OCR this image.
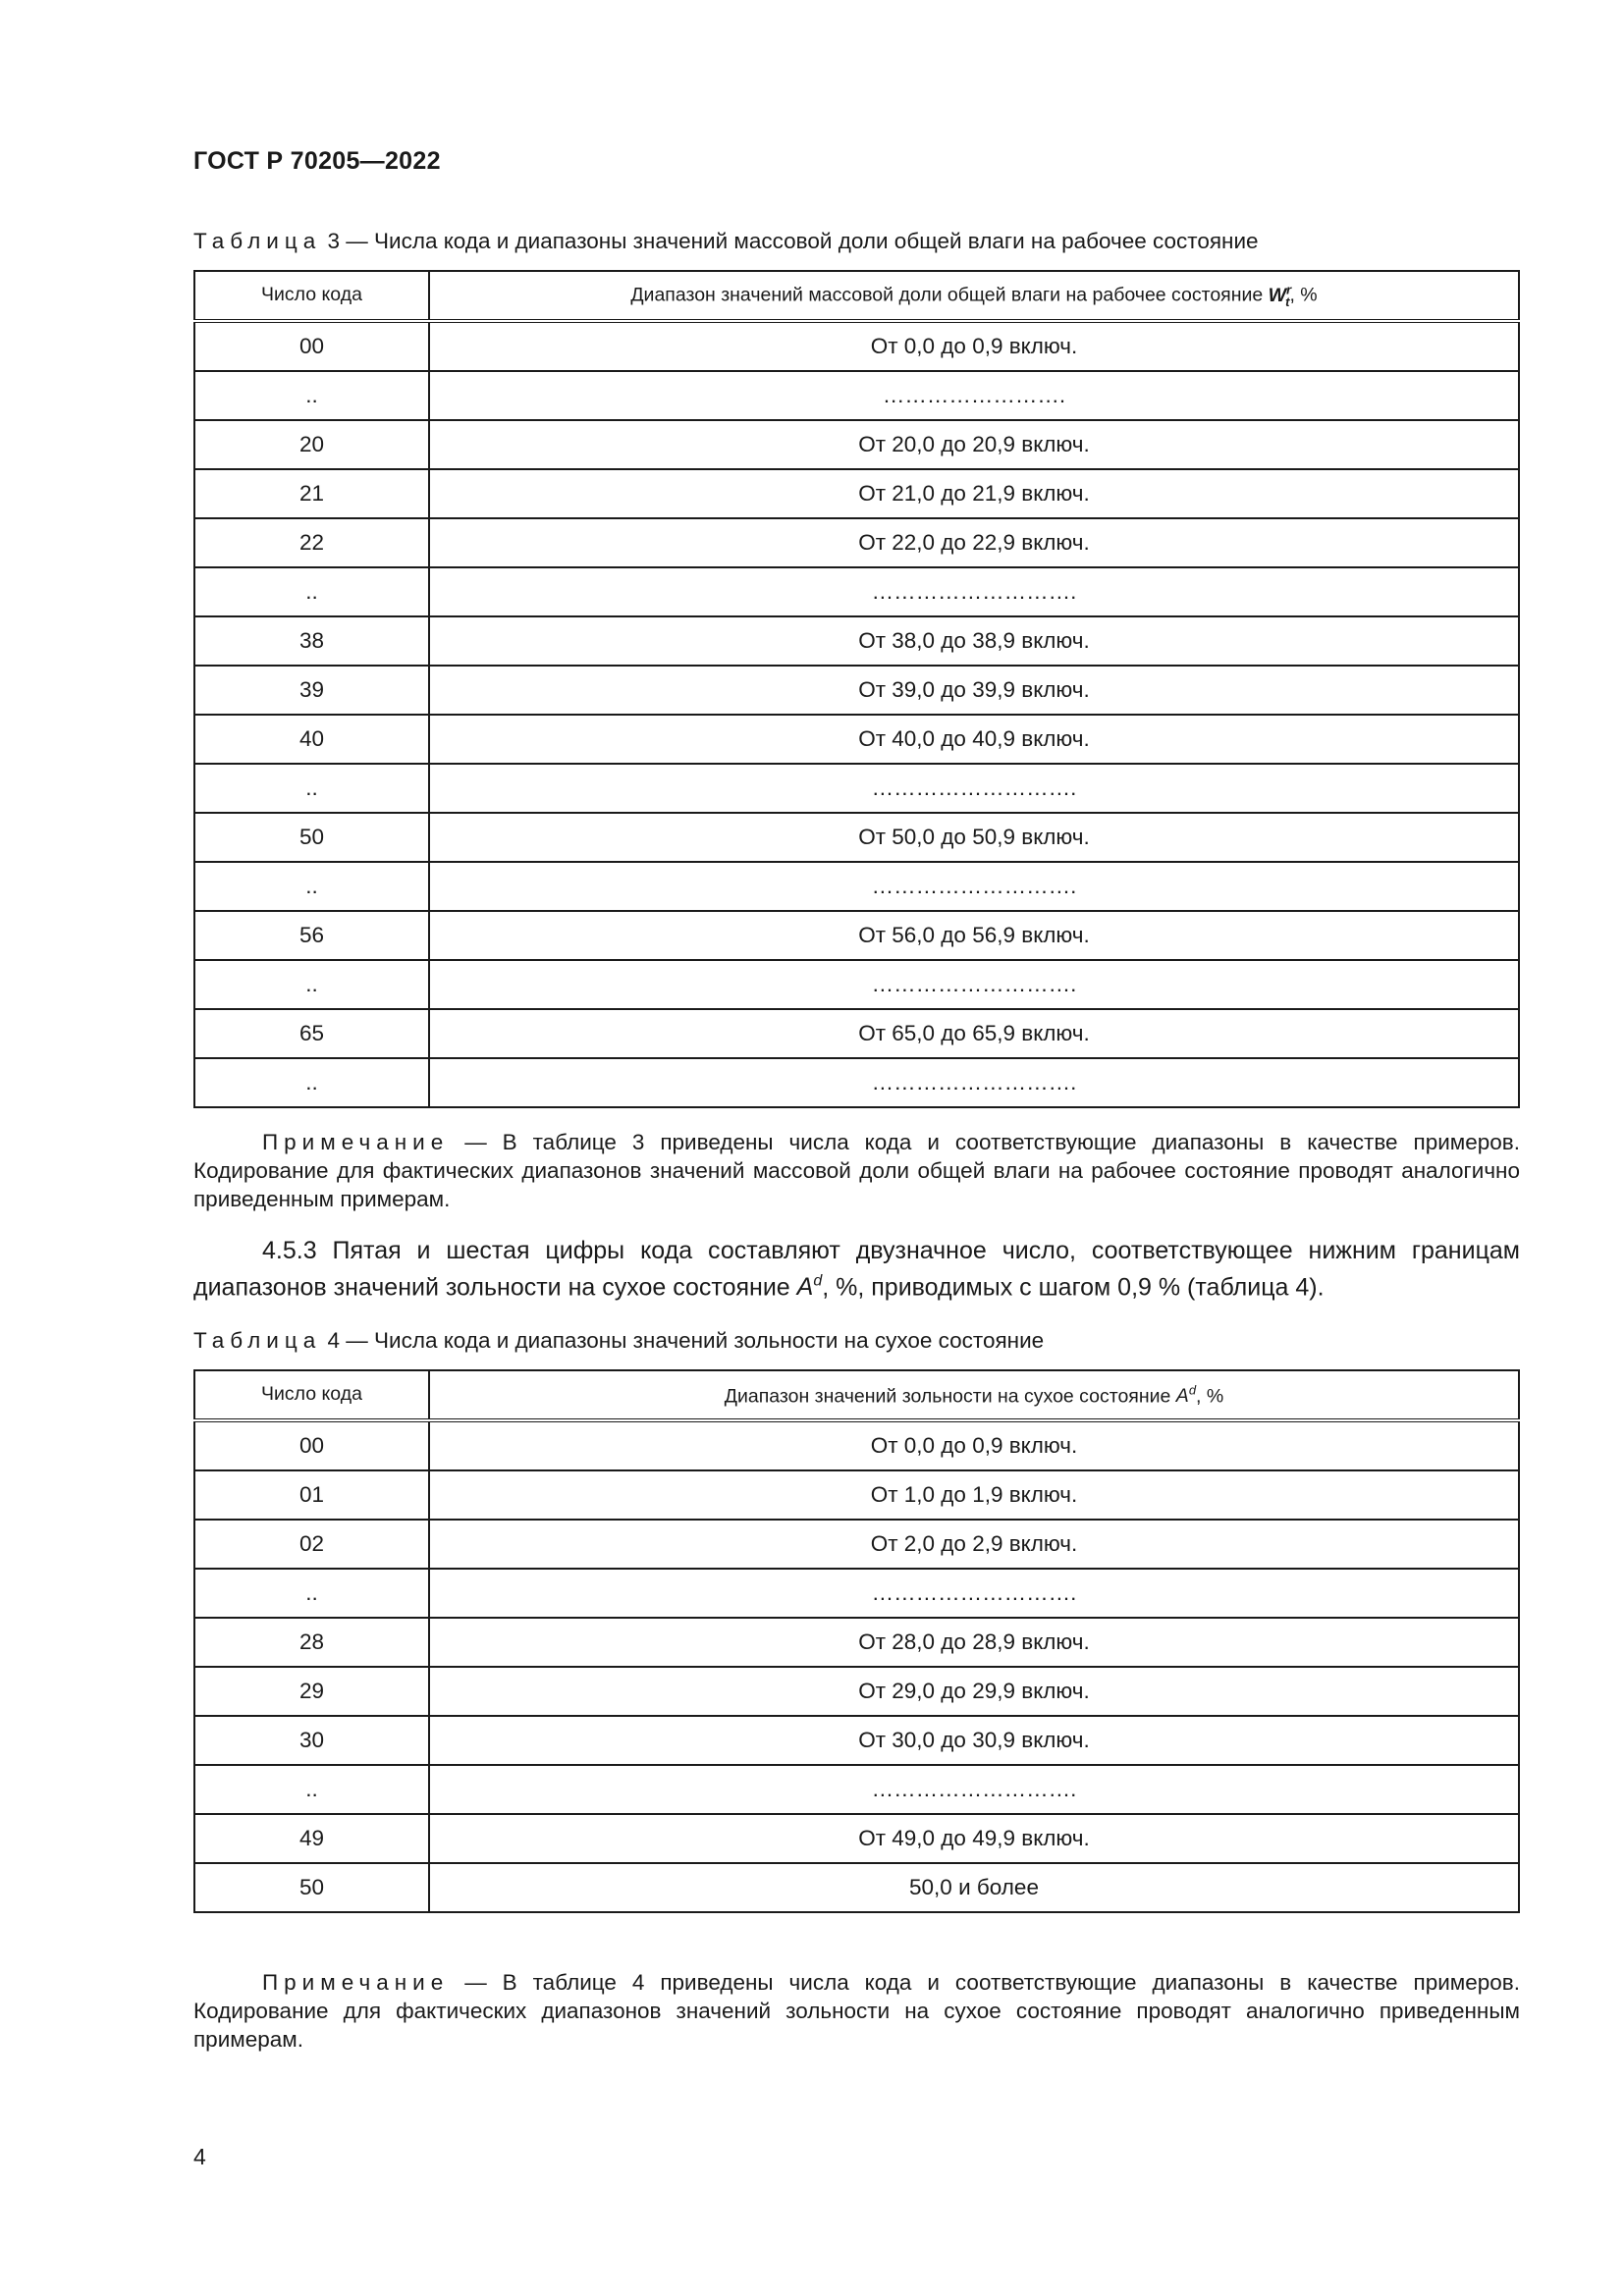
ГОСТ Р 70205—2022
Таблица 3 — Числа кода и диапазоны значений массовой доли общей влаги на рабочее состояние
Число кода	Диапазон значений массовой доли общей влаги на рабочее состояние $W^r_t$, %
00	От 0,0 до 0,9 включ.
..	…………………….
20	От 20,0 до 20,9 включ.
21	От 21,0 до 21,9 включ.
22	От 22,0 до 22,9 включ.
..	……………………….
38	От 38,0 до 38,9 включ.
39	От 39,0 до 39,9 включ.
40	От 40,0 до 40,9 включ.
..	……………………….
50	От 50,0 до 50,9 включ.
..	……………………….
56	От 56,0 до 56,9 включ.
..	……………………….
65	От 65,0 до 65,9 включ.
..	……………………….
Примечание — В таблице 3 приведены числа кода и соответствующие диапазоны в качестве примеров. Кодирование для фактических диапазонов значений массовой доли общей влаги на рабочее состояние проводят аналогично приведенным примерам.
4.5.3 Пятая и шестая цифры кода составляют двузначное число, соответствующее нижним границам диапазонов значений зольности на сухое состояние $A^d$, %, приводимых с шагом 0,9 % (таблица 4).
Таблица 4 — Числа кода и диапазоны значений зольности на сухое состояние
Число кода	Диапазон значений зольности на сухое состояние $A^d$, %
00	От 0,0 до 0,9 включ.
01	От 1,0 до 1,9 включ.
02	От 2,0 до 2,9 включ.
..	……………………….
28	От 28,0 до 28,9 включ.
29	От 29,0 до 29,9 включ.
30	От 30,0 до 30,9 включ.
..	……………………….
49	От 49,0 до 49,9 включ.
50	50,0 и более
Примечание — В таблице 4 приведены числа кода и соответствующие диапазоны в качестве примеров. Кодирование для фактических диапазонов значений зольности на сухое состояние проводят аналогично приведенным примерам.
4
